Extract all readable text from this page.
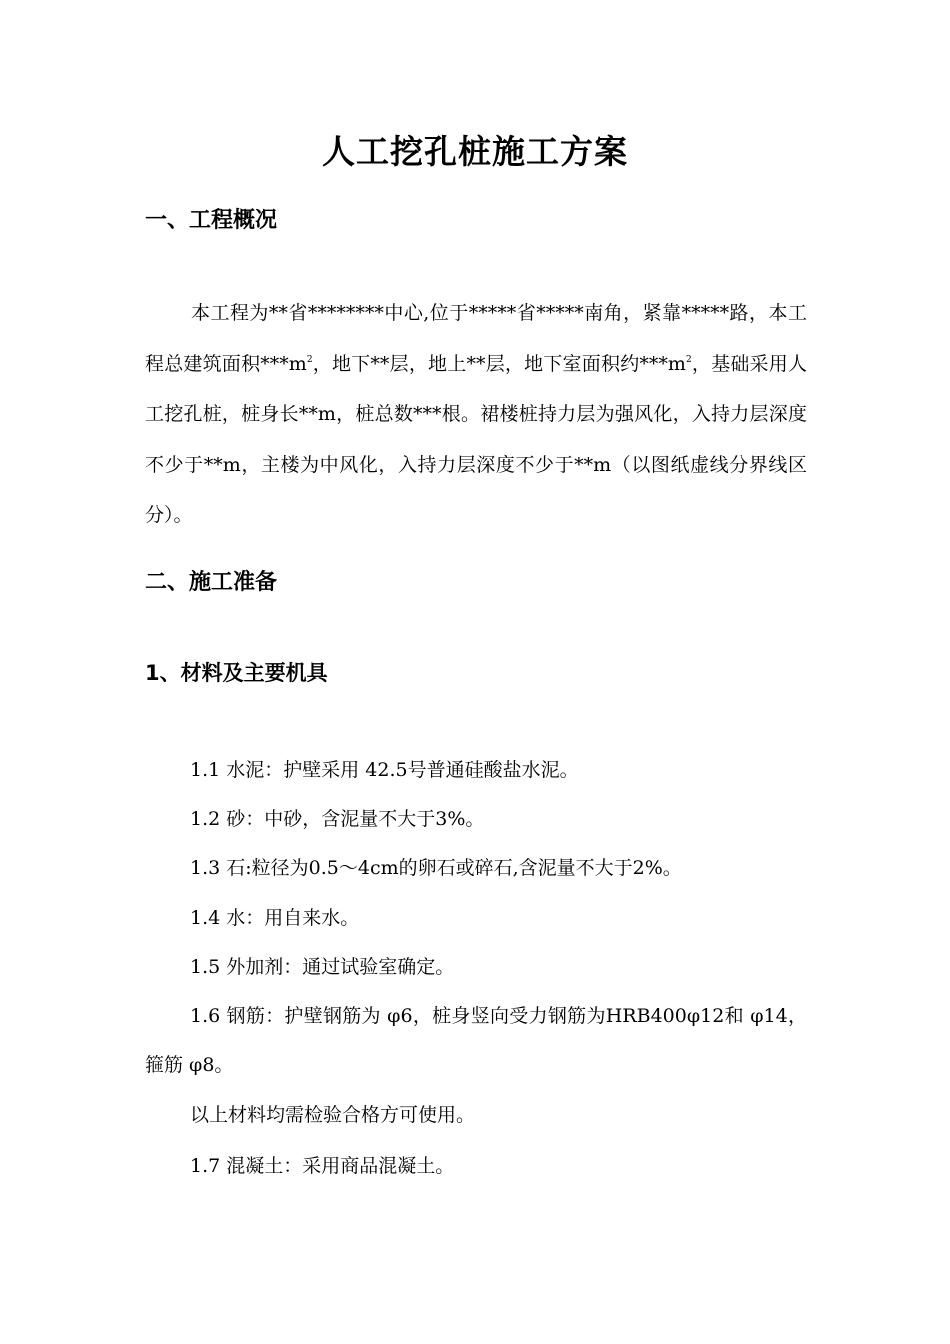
人工挖孔桩施工方案
一、工程概况

本工程为**省********中心,位于*****省*****南角，紧靠*****路，本工程总建筑面积$***m^2$，地下**层，地上**层，地下室面积约$***m^2$，基础采用人工挖孔桩，桩身长**m，桩总数***根。裙楼桩持力层为强风化，入持力层深度不少于**m，主楼为中风化，入持力层深度不少于**m（以图纸虚线分界线区分）。

二、施工准备
1、材料及主要机具
1.1 水泥：护壁采用 42.5号普通硅酸盐水泥。
1.2 砂：中砂，含泥量不大于3%。
1.3 石:粒径为0.5～4cm的卵石或碎石,含泥量不大于2%。
1.4 水：用自来水。
1.5 外加剂：通过试验室确定。

1.6 钢筋：护壁钢筋为 φ6，桩身竖向受力钢筋为HRB400φ12和 φ14，箍筋 φ8。

以上材料均需检验合格方可使用。
1.7 混凝土：采用商品混凝土。
